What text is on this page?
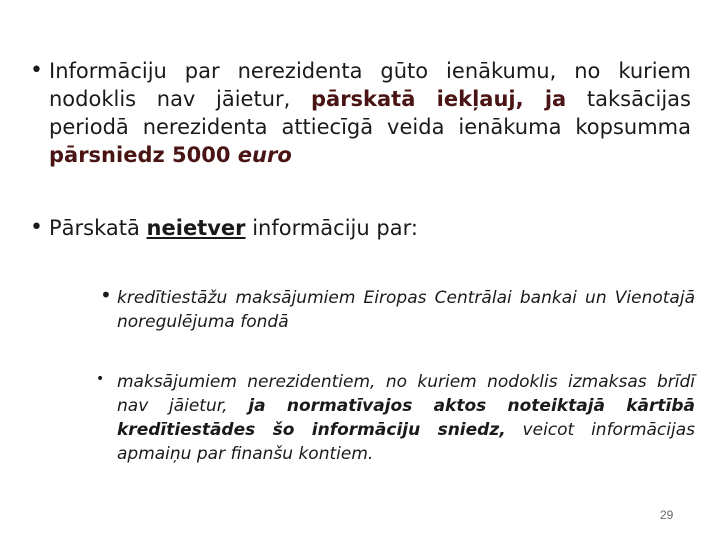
• Informāciju par nerezidenta gūto ienākumu, no kuriem nodoklis nav jāietur, pārskatā iekļauj, ja taksācijas periodā nerezidenta attiecīgā veida ienākuma kopsumma pārsniedz 5000 euro
• Pārskatā neietver informāciju par:
• kredītiestāžu maksājumiem Eiropas Centrālai bankai un Vienotajā noregulējuma fondā
• maksājumiem nerezidentiem, no kuriem nodoklis izmaksas brīdī nav jāietur, ja normatīvajos aktos noteiktajā kārtībā kredītiestādes šo informāciju sniedz, veicot informācijas apmaiņu par finanšu kontiem.
29
